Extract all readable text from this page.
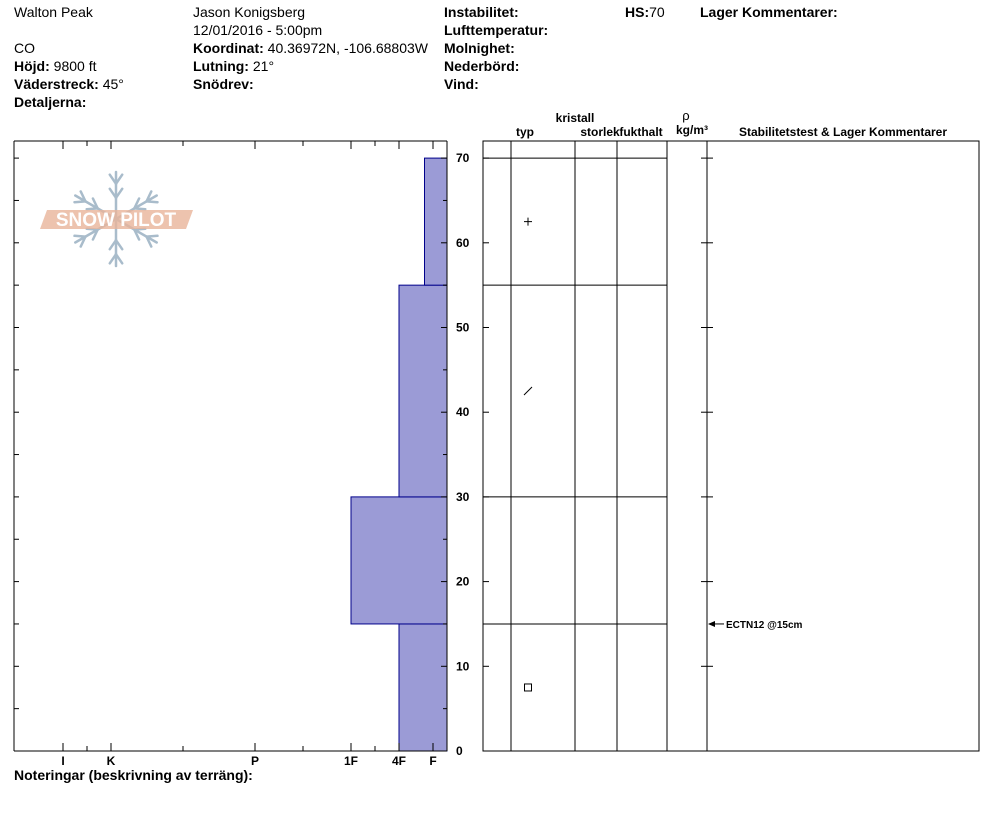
Walton Peak
CO
Höjd: 9800 ft
Väderstreck: 45°
Detaljerna:
Jason Konigsberg
12/01/2016 - 5:00pm
Koordinat: 40.36972N, -106.68803W
Lutning: 21°
Snödrev:
Instabilitet:
Lufttemperatur:
Molnighet:
Nederbörd:
Vind:
HS:70	Lager Kommentarer:
Noteringar (beskrivning av terräng):
SNOW PILOT
I	K	P	1F	4F F
0
10
20
30
40
50
60
70
kristall
typ	storlek fukthalt
ρ
kg/m³	Stabilitetstest & Lager Kommentarer
ECTN12 @15cm
